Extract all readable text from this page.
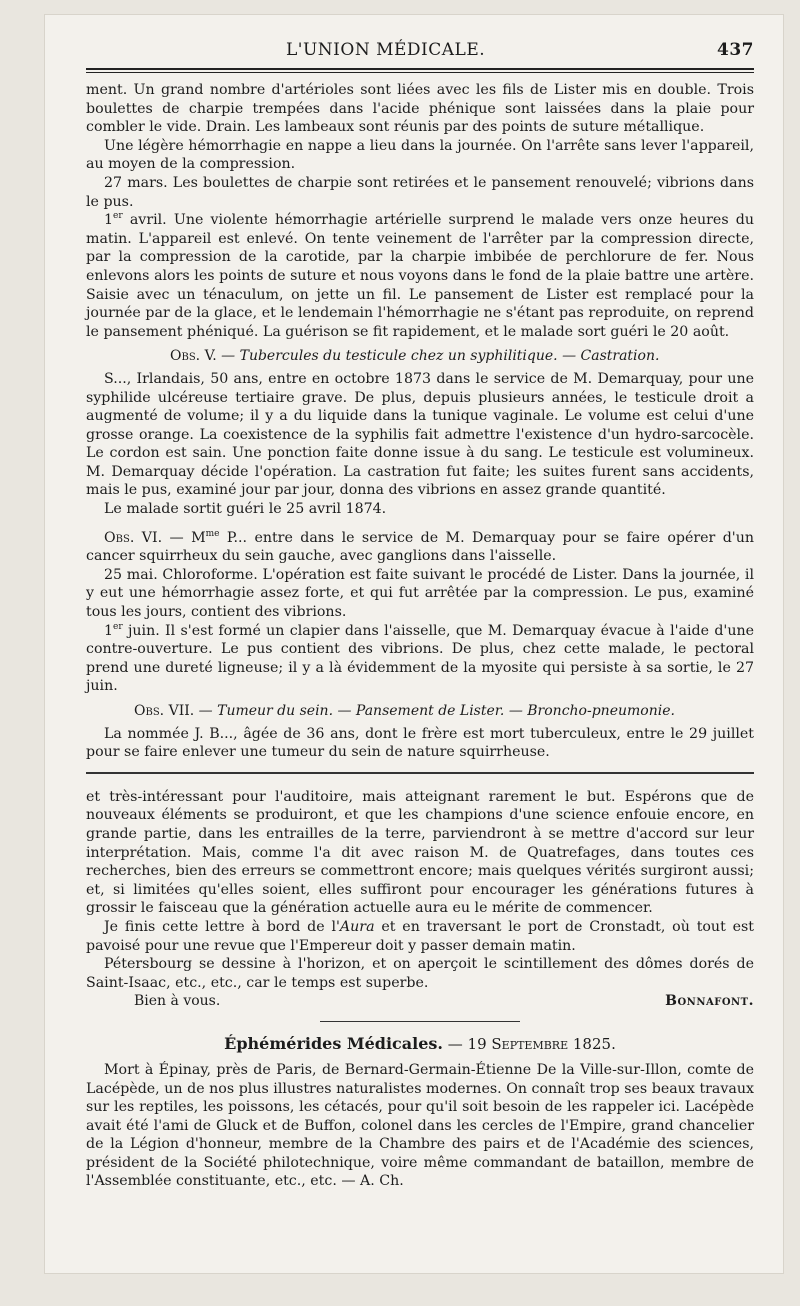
L'UNION MÉDICALE.	437

ment. Un grand nombre d'artérioles sont liées avec les fils de Lister mis en double. Trois boulettes de charpie trempées dans l'acide phénique sont laissées dans la plaie pour combler le vide. Drain. Les lambeaux sont réunis par des points de suture métallique.

Une légère hémorrhagie en nappe a lieu dans la journée. On l'arrête sans lever l'appareil, au moyen de la compression.

27 mars. Les boulettes de charpie sont retirées et le pansement renouvelé; vibrions dans le pus.

1er avril. Une violente hémorrhagie artérielle surprend le malade vers onze heures du matin. L'appareil est enlevé. On tente veinement de l'arrêter par la compression directe, par la compression de la carotide, par la charpie imbibée de perchlorure de fer. Nous enlevons alors les points de suture et nous voyons dans le fond de la plaie battre une artère. Saisie avec un ténaculum, on jette un fil. Le pansement de Lister est remplacé pour la journée par de la glace, et le lendemain l'hémorrhagie ne s'étant pas reproduite, on reprend le pansement phéniqué. La guérison se fit rapidement, et le malade sort guéri le 20 août.

Obs. V. — Tubercules du testicule chez un syphilitique. — Castration.

S..., Irlandais, 50 ans, entre en octobre 1873 dans le service de M. Demarquay, pour une syphilide ulcéreuse tertiaire grave. De plus, depuis plusieurs années, le testicule droit a augmenté de volume; il y a du liquide dans la tunique vaginale. Le volume est celui d'une grosse orange. La coexistence de la syphilis fait admettre l'existence d'un hydro-sarcocèle. Le cordon est sain. Une ponction faite donne issue à du sang. Le testicule est volumineux. M. Demarquay décide l'opération. La castration fut faite; les suites furent sans accidents, mais le pus, examiné jour par jour, donna des vibrions en assez grande quantité.

Le malade sortit guéri le 25 avril 1874.

Obs. VI. — $M^{me}$ P... entre dans le service de M. Demarquay pour se faire opérer d'un cancer squirrheux du sein gauche, avec ganglions dans l'aisselle.

25 mai. Chloroforme. L'opération est faite suivant le procédé de Lister. Dans la journée, il y eut une hémorrhagie assez forte, et qui fut arrêtée par la compression. Le pus, examiné tous les jours, contient des vibrions.

1er juin. Il s'est formé un clapier dans l'aisselle, que M. Demarquay évacue à l'aide d'une contre-ouverture. Le pus contient des vibrions. De plus, chez cette malade, le pectoral prend une dureté ligneuse; il y a là évidemment de la myosite qui persiste à sa sortie, le 27 juin.

Obs. VII. — Tumeur du sein. — Pansement de Lister. — Broncho-pneumonie.

La nommée J. B..., âgée de 36 ans, dont le frère est mort tuberculeux, entre le 29 juillet pour se faire enlever une tumeur du sein de nature squirrheuse.

et très-intéressant pour l'auditoire, mais atteignant rarement le but. Espérons que de nouveaux éléments se produiront, et que les champions d'une science enfouie encore, en grande partie, dans les entrailles de la terre, parviendront à se mettre d'accord sur leur interprétation. Mais, comme l'a dit avec raison M. de Quatrefages, dans toutes ces recherches, bien des erreurs se commettront encore; mais quelques vérités surgiront aussi; et, si limitées qu'elles soient, elles suffiront pour encourager les générations futures à grossir le faisceau que la génération actuelle aura eu le mérite de commencer.

Je finis cette lettre à bord de l'Aura et en traversant le port de Cronstadt, où tout est pavoisé pour une revue que l'Empereur doit y passer demain matin.

Pétersbourg se dessine à l'horizon, et on aperçoit le scintillement des dômes dorés de Saint-Isaac, etc., etc., car le temps est superbe.

Bien à vous.	Bonnafont.
Éphémérides Médicales. — 19 Septembre 1825.

Mort à Épinay, près de Paris, de Bernard-Germain-Étienne De la Ville-sur-Illon, comte de Lacépède, un de nos plus illustres naturalistes modernes. On connaît trop ses beaux travaux sur les reptiles, les poissons, les cétacés, pour qu'il soit besoin de les rappeler ici. Lacépède avait été l'ami de Gluck et de Buffon, colonel dans les cercles de l'Empire, grand chancelier de la Légion d'honneur, membre de la Chambre des pairs et de l'Académie des sciences, président de la Société philotechnique, voire même commandant de bataillon, membre de l'Assemblée constituante, etc., etc. — A. Ch.
